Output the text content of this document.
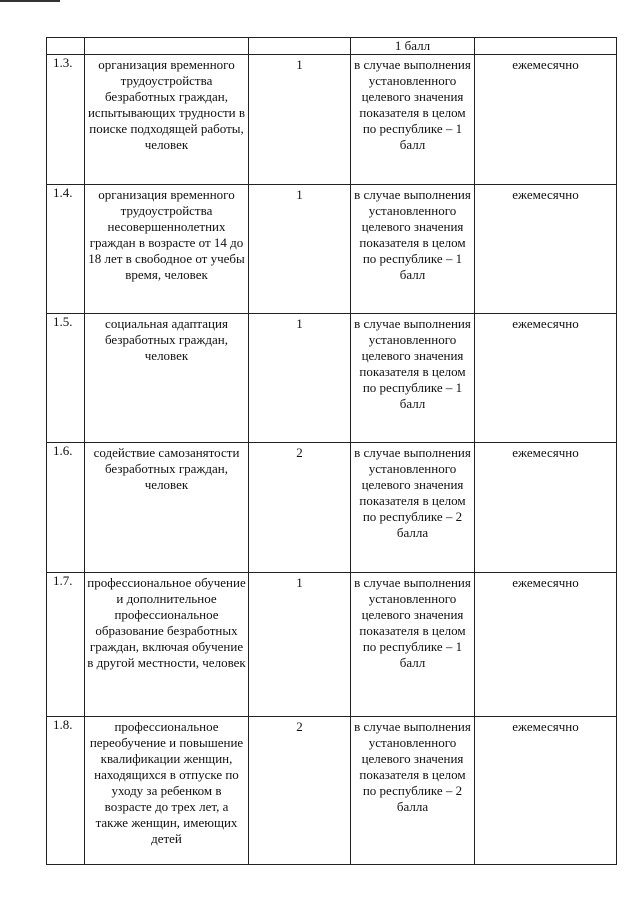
			1 балл	
1.3.	организация временного трудоустройства безработных граждан, испытывающих трудности в поиске подходящей работы, человек	1	в случае выполнения установленного целевого значения показателя в целом по республике – 1 балл	ежемесячно
1.4.	организация временного трудоустройства несовершеннолетних граждан в возрасте от 14 до 18 лет в свободное от учебы время, человек	1	в случае выполнения установленного целевого значения показателя в целом по республике – 1 балл	ежемесячно
1.5.	социальная адаптация безработных граждан, человек	1	в случае выполнения установленного целевого значения показателя в целом по республике – 1 балл	ежемесячно
1.6.	содействие самозанятости безработных граждан, человек	2	в случае выполнения установленного целевого значения показателя в целом по республике – 2 балла	ежемесячно
1.7.	профессиональное обучение и дополнительное профессиональное образование безработных граждан, включая обучение в другой местности, человек	1	в случае выполнения установленного целевого значения показателя в целом по республике – 1 балл	ежемесячно
1.8.	профессиональное переобучение и повышение квалификации женщин, находящихся в отпуске по уходу за ребенком в возрасте до трех лет, а также женщин, имеющих детей	2	в случае выполнения установленного целевого значения показателя в целом по республике – 2 балла	ежемесячно
